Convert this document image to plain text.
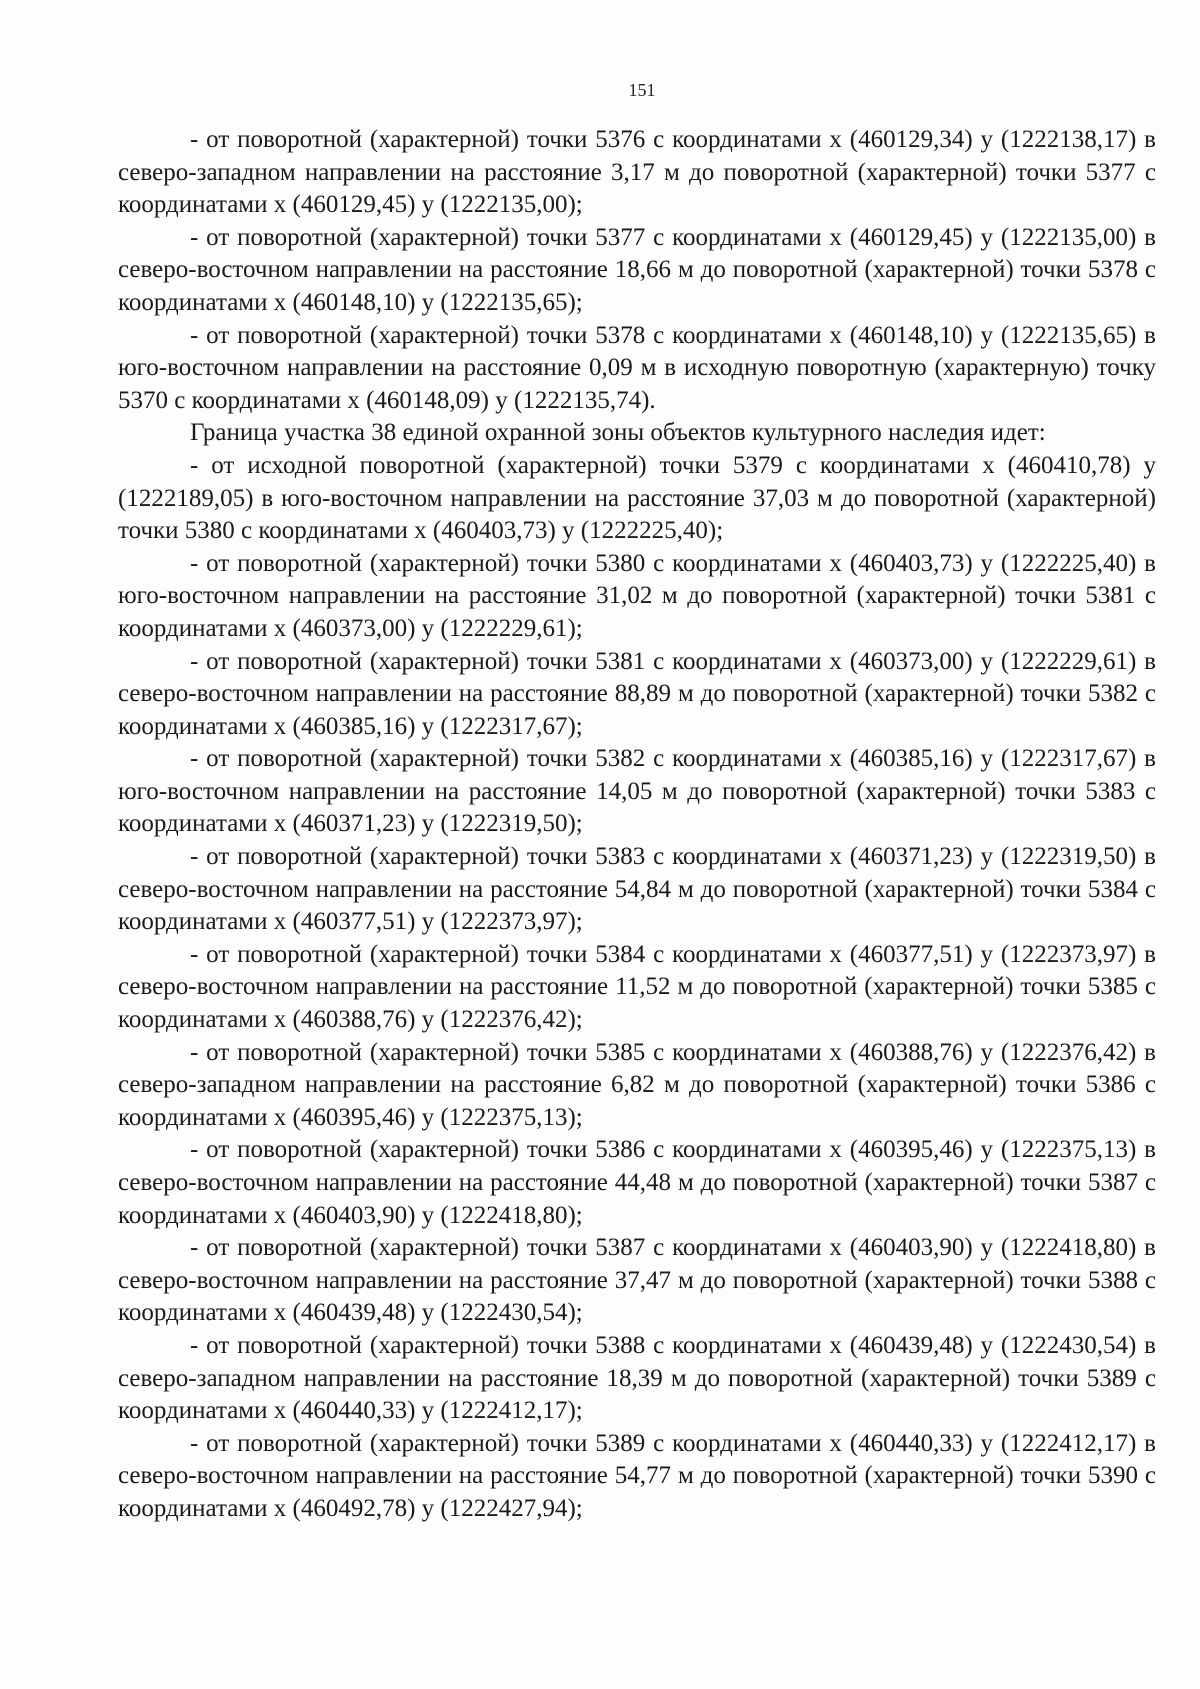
151

- от поворотной (характерной) точки 5376 с координатами х (460129,34) у (1222138,17) в северо-западном направлении на расстояние 3,17 м до поворотной (характерной) точки 5377 с координатами х (460129,45) у (1222135,00);

- от поворотной (характерной) точки 5377 с координатами х (460129,45) у (1222135,00) в северо-восточном направлении на расстояние 18,66 м до поворотной (характерной) точки 5378 с координатами х (460148,10) у (1222135,65);

- от поворотной (характерной) точки 5378 с координатами х (460148,10) у (1222135,65) в юго-восточном направлении на расстояние 0,09 м в исходную поворотную (характерную) точку 5370 с координатами х (460148,09) у (1222135,74).

Граница участка 38 единой охранной зоны объектов культурного наследия идет:

- от исходной поворотной (характерной) точки 5379 с координатами х (460410,78) у (1222189,05) в юго-восточном направлении на расстояние 37,03 м до поворотной (характерной) точки 5380 с координатами х (460403,73) у (1222225,40);

- от поворотной (характерной) точки 5380 с координатами х (460403,73) у (1222225,40) в юго-восточном направлении на расстояние 31,02 м до поворотной (характерной) точки 5381 с координатами х (460373,00) у (1222229,61);

- от поворотной (характерной) точки 5381 с координатами х (460373,00) у (1222229,61) в северо-восточном направлении на расстояние 88,89 м до поворотной (характерной) точки 5382 с координатами х (460385,16) у (1222317,67);

- от поворотной (характерной) точки 5382 с координатами х (460385,16) у (1222317,67) в юго-восточном направлении на расстояние 14,05 м до поворотной (характерной) точки 5383 с координатами х (460371,23) у (1222319,50);

- от поворотной (характерной) точки 5383 с координатами х (460371,23) у (1222319,50) в северо-восточном направлении на расстояние 54,84 м до поворотной (характерной) точки 5384 с координатами х (460377,51) у (1222373,97);

- от поворотной (характерной) точки 5384 с координатами х (460377,51) у (1222373,97) в северо-восточном направлении на расстояние 11,52 м до поворотной (характерной) точки 5385 с координатами х (460388,76) у (1222376,42);

- от поворотной (характерной) точки 5385 с координатами х (460388,76) у (1222376,42) в северо-западном направлении на расстояние 6,82 м до поворотной (характерной) точки 5386 с координатами х (460395,46) у (1222375,13);

- от поворотной (характерной) точки 5386 с координатами х (460395,46) у (1222375,13) в северо-восточном направлении на расстояние 44,48 м до поворотной (характерной) точки 5387 с координатами х (460403,90) у (1222418,80);

- от поворотной (характерной) точки 5387 с координатами х (460403,90) у (1222418,80) в северо-восточном направлении на расстояние 37,47 м до поворотной (характерной) точки 5388 с координатами х (460439,48) у (1222430,54);

- от поворотной (характерной) точки 5388 с координатами х (460439,48) у (1222430,54) в северо-западном направлении на расстояние 18,39 м до поворотной (характерной) точки 5389 с координатами х (460440,33) у (1222412,17);

- от поворотной (характерной) точки 5389 с координатами х (460440,33) у (1222412,17) в северо-восточном направлении на расстояние 54,77 м до поворотной (характерной) точки 5390 с координатами х (460492,78) у (1222427,94);
